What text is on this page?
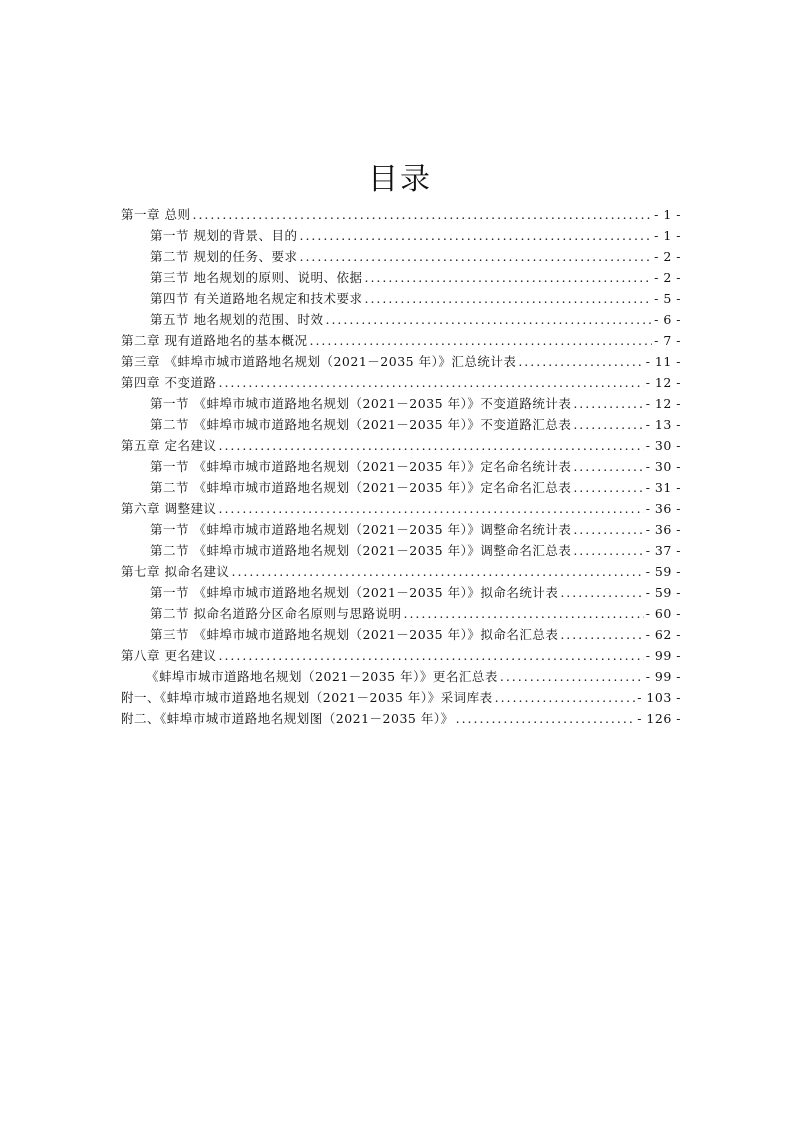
目录
第一章 总则 .....	- 1 -
第一节 规划的背景、目的 .....	- 1 -
第二节 规划的任务、要求 .....	- 2 -
第三节 地名规划的原则、说明、依据 .....	- 2 -
第四节 有关道路地名规定和技术要求 .....	- 5 -
第五节 地名规划的范围、时效 .....	- 6 -
第二章 现有道路地名的基本概况 .....	- 7 -
第三章 《蚌埠市城市道路地名规划（2021－2035 年）》汇总统计表 .....	- 11 -
第四章 不变道路 .....	- 12 -
第一节 《蚌埠市城市道路地名规划（2021－2035 年）》不变道路统计表 .....	- 12 -
第二节 《蚌埠市城市道路地名规划（2021－2035 年）》不变道路汇总表 .....	- 13 -
第五章 定名建议 .....	- 30 -
第一节 《蚌埠市城市道路地名规划（2021－2035 年）》定名命名统计表 .....	- 30 -
第二节 《蚌埠市城市道路地名规划（2021－2035 年）》定名命名汇总表 .....	- 31 -
第六章 调整建议 .....	- 36 -
第一节 《蚌埠市城市道路地名规划（2021－2035 年）》调整命名统计表 .....	- 36 -
第二节 《蚌埠市城市道路地名规划（2021－2035 年）》调整命名汇总表 .....	- 37 -
第七章 拟命名建议 .....	- 59 -
第一节 《蚌埠市城市道路地名规划（2021－2035 年）》拟命名统计表 .....	- 59 -
第二节 拟命名道路分区命名原则与思路说明 .....	- 60 -
第三节 《蚌埠市城市道路地名规划（2021－2035 年）》拟命名汇总表 .....	- 62 -
第八章 更名建议 .....	- 99 -
《蚌埠市城市道路地名规划（2021－2035 年）》更名汇总表 .....	- 99 -
附一、《蚌埠市城市道路地名规划（2021－2035 年）》采词库表 .....	- 103 -
附二、《蚌埠市城市道路地名规划图（2021－2035 年）》 .....	- 126 -
